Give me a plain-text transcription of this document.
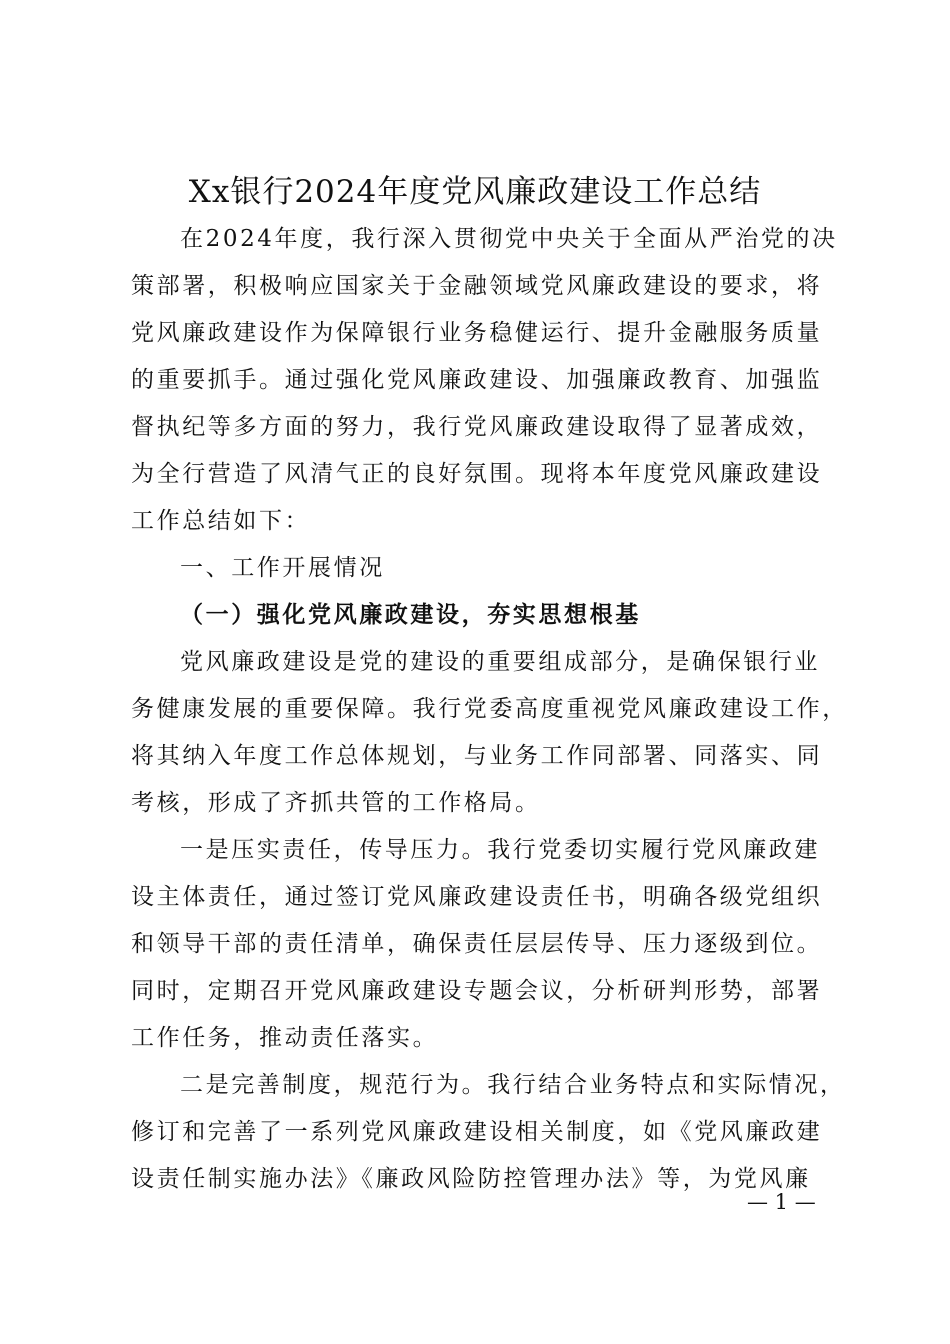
Xx银行2024年度党风廉政建设工作总结
在2024年度，我行深入贯彻党中央关于全面从严治党的决
策部署，积极响应国家关于金融领域党风廉政建设的要求，将
党风廉政建设作为保障银行业务稳健运行、提升金融服务质量
的重要抓手。通过强化党风廉政建设、加强廉政教育、加强监
督执纪等多方面的努力，我行党风廉政建设取得了显著成效，
为全行营造了风清气正的良好氛围。现将本年度党风廉政建设
工作总结如下：
一、工作开展情况
（一）强化党风廉政建设，夯实思想根基
党风廉政建设是党的建设的重要组成部分，是确保银行业
务健康发展的重要保障。我行党委高度重视党风廉政建设工作，
将其纳入年度工作总体规划，与业务工作同部署、同落实、同
考核，形成了齐抓共管的工作格局。
一是压实责任，传导压力。我行党委切实履行党风廉政建
设主体责任，通过签订党风廉政建设责任书，明确各级党组织
和领导干部的责任清单，确保责任层层传导、压力逐级到位。
同时，定期召开党风廉政建设专题会议，分析研判形势，部署
工作任务，推动责任落实。
二是完善制度，规范行为。我行结合业务特点和实际情况，
修订和完善了一系列党风廉政建设相关制度，如《党风廉政建
设责任制实施办法》《廉政风险防控管理办法》等，为党风廉
— 1 —
